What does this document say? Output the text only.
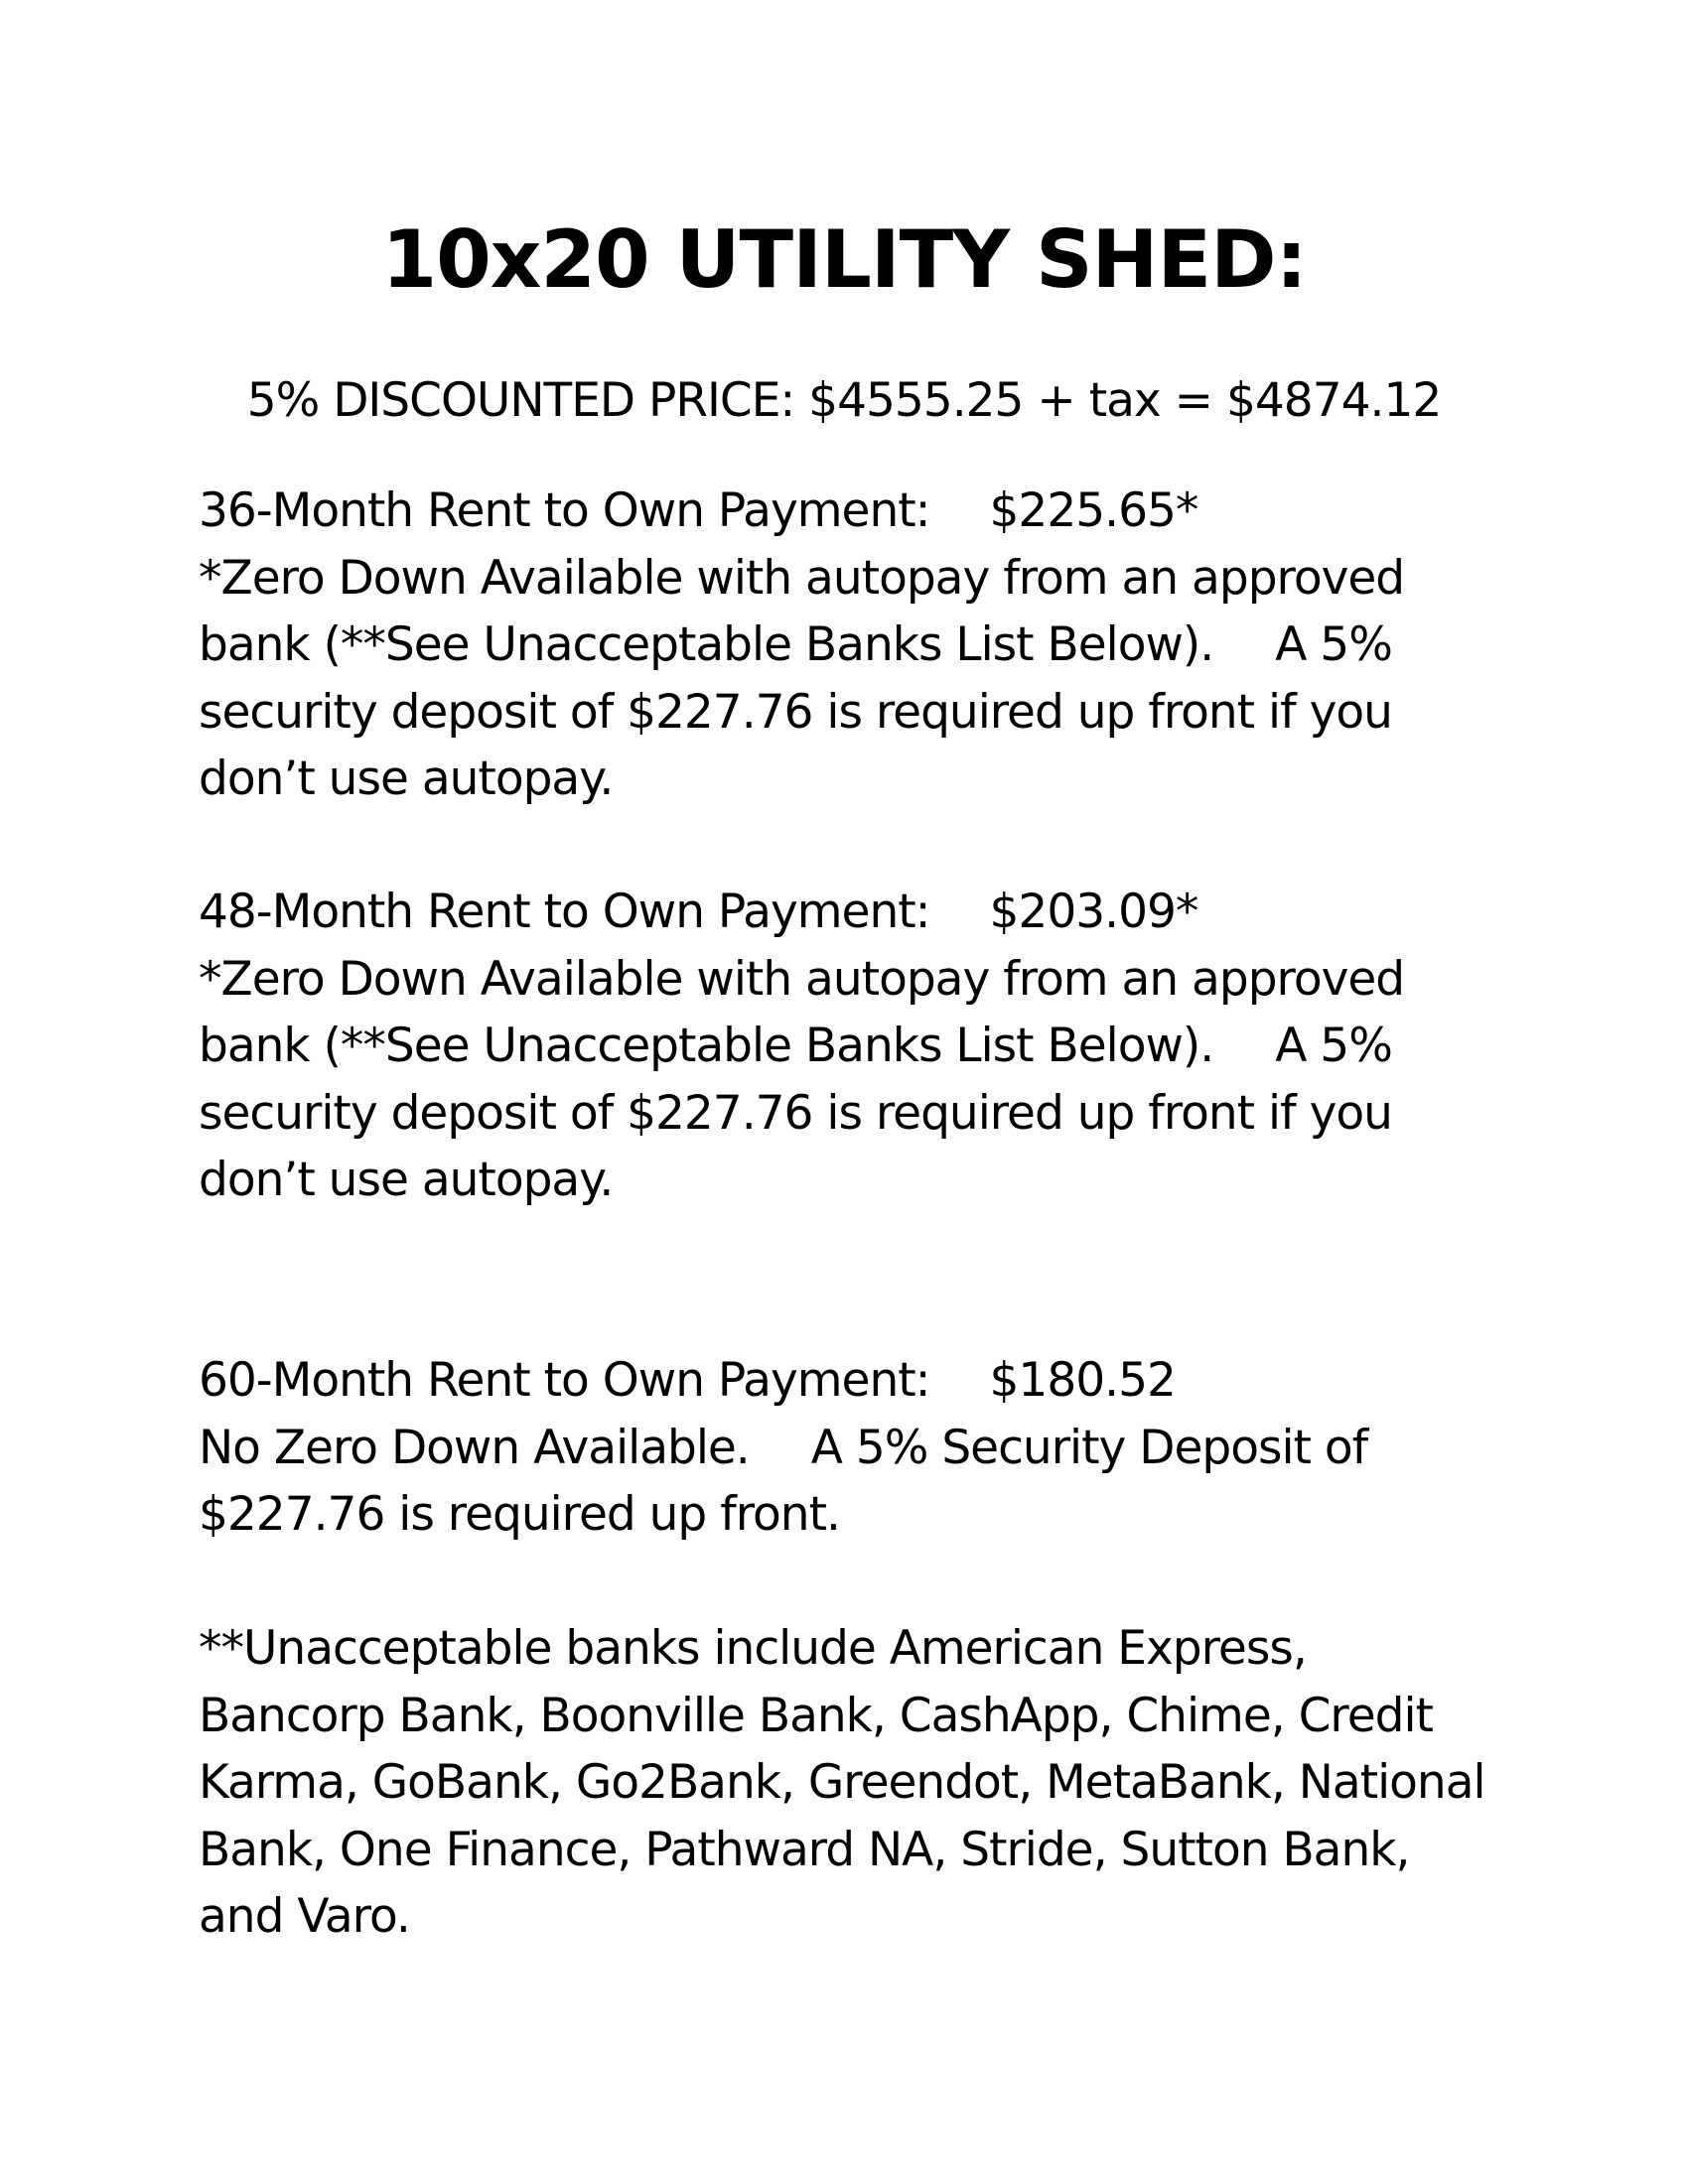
10x20 UTILITY SHED:
5% DISCOUNTED PRICE: $4555.25 + tax = $4874.12
36-Month Rent to Own Payment: $225.65*
*Zero Down Available with autopay from an approved
bank (**See Unacceptable Banks List Below). A 5%
security deposit of $227.76 is required up front if you
don’t use autopay.
48-Month Rent to Own Payment: $203.09*
*Zero Down Available with autopay from an approved
bank (**See Unacceptable Banks List Below). A 5%
security deposit of $227.76 is required up front if you
don’t use autopay.
60-Month Rent to Own Payment: $180.52
No Zero Down Available. A 5% Security Deposit of
$227.76 is required up front.
**Unacceptable banks include American Express,
Bancorp Bank, Boonville Bank, CashApp, Chime, Credit
Karma, GoBank, Go2Bank, Greendot, MetaBank, National
Bank, One Finance, Pathward NA, Stride, Sutton Bank,
and Varo.
